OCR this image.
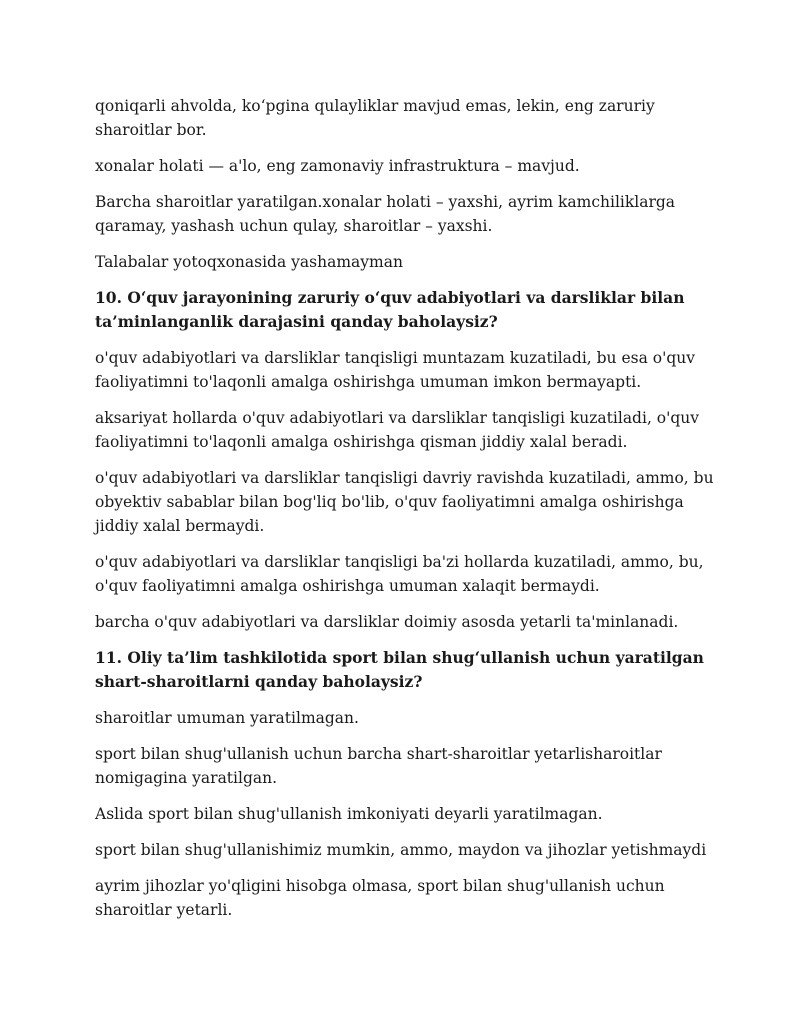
qoniqarli ahvolda, ko‘pgina qulayliklar mavjud emas, lekin, eng zaruriy sharoitlar bor.

xonalar holati — a'lo, eng zamonaviy infrastruktura – mavjud.

Barcha sharoitlar yaratilgan.xonalar holati – yaxshi, ayrim kamchiliklarga qaramay, yashash uchun qulay, sharoitlar – yaxshi.

Talabalar yotoqxonasida yashamayman

10. O‘quv jarayonining zaruriy o‘quv adabiyotlari va darsliklar bilan ta’minlanganlik darajasini qanday baholaysiz?

o'quv adabiyotlari va darsliklar tanqisligi muntazam kuzatiladi, bu esa o'quv faoliyatimni to'laqonli amalga oshirishga umuman imkon bermayapti.

aksariyat hollarda o'quv adabiyotlari va darsliklar tanqisligi kuzatiladi, o'quv faoliyatimni to'laqonli amalga oshirishga qisman jiddiy xalal beradi.

o'quv adabiyotlari va darsliklar tanqisligi davriy ravishda kuzatiladi, ammo, bu obyektiv sabablar bilan bog'liq bo'lib, o'quv faoliyatimni amalga oshirishga jiddiy xalal bermaydi.

o'quv adabiyotlari va darsliklar tanqisligi ba'zi hollarda kuzatiladi, ammo, bu, o'quv faoliyatimni amalga oshirishga umuman xalaqit bermaydi.

barcha o'quv adabiyotlari va darsliklar doimiy asosda yetarli ta'minlanadi.

11. Oliy ta’lim tashkilotida sport bilan shug‘ullanish uchun yaratilgan shart-sharoitlarni qanday baholaysiz?

sharoitlar umuman yaratilmagan.

sport bilan shug'ullanish uchun barcha shart-sharoitlar yetarlisharoitlar nomigagina yaratilgan.

Aslida sport bilan shug'ullanish imkoniyati deyarli yaratilmagan.

sport bilan shug'ullanishimiz mumkin, ammo, maydon va jihozlar yetishmaydi

ayrim jihozlar yo'qligini hisobga olmasa, sport bilan shug'ullanish uchun sharoitlar yetarli.
